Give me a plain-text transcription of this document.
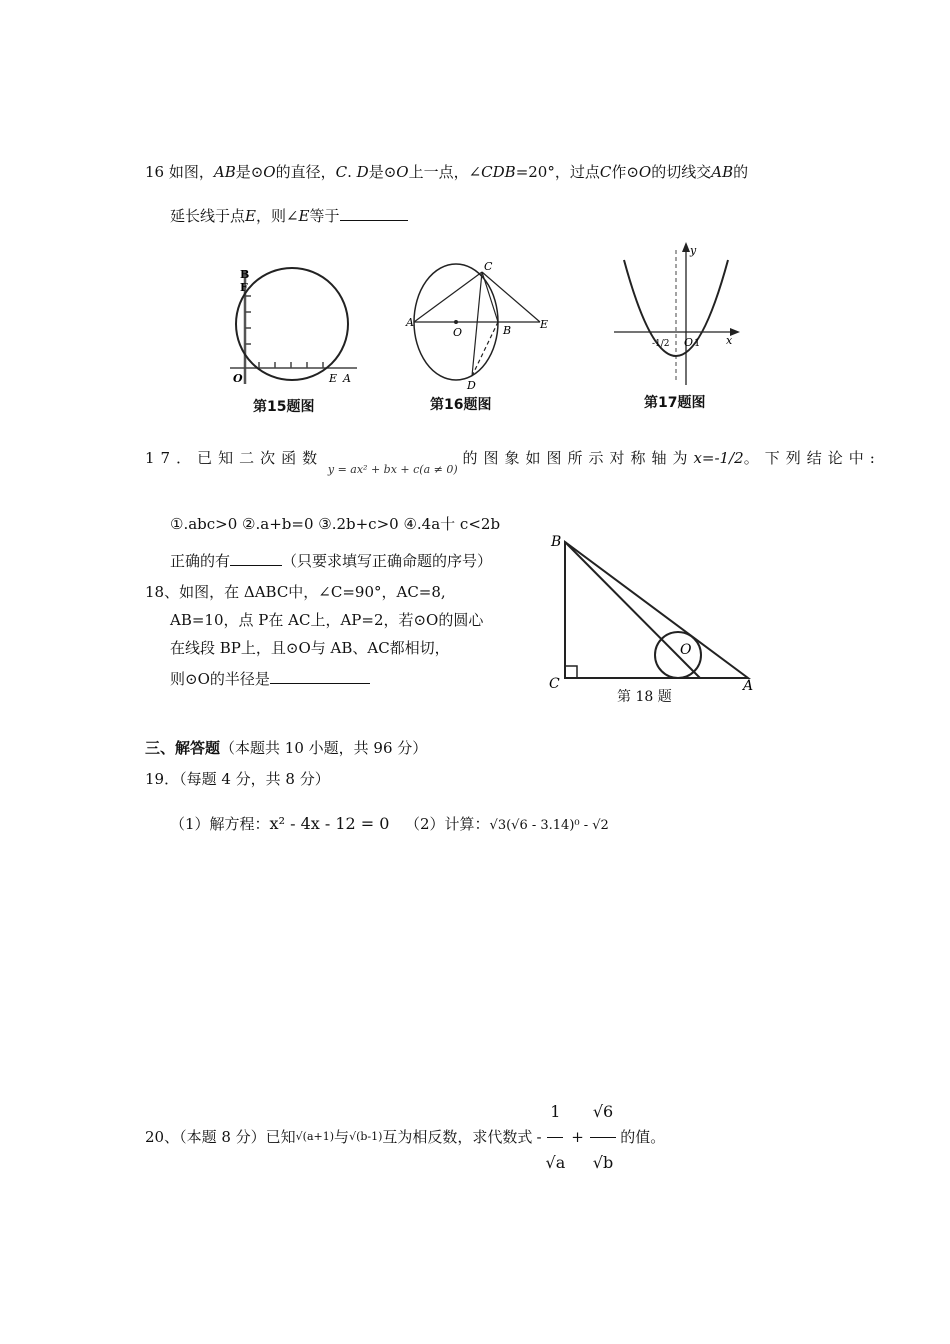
16 如图，AB是⊙O的直径，C. D是⊙O上一点，∠CDB=20°，过点C作⊙O的切线交AB的
延长线于点E，则∠E等于
B
F
O	E A
第15题图
A
C
O	B	E
D
第16题图
y
x
O 1
-1/2
第17题图
17．已知二次函数 $_{y = ax^2 + bx + c(a \ne 0)}$ 的图象如图所示对称轴为x=-1/2。下列结论中:
①.abc>0 ②.a+b=0 ③.2b+c>0 ④.4a十 c<2b
正确的有	（只要求填写正确命题的序号）
18、如图，在 ΔABC中，∠C=90°，AC=8,
AB=10，点 P在 AC上，AP=2，若⊙O的圆心
在线段 BP上，且⊙O与 AB、AC都相切，
则⊙O的半径是
B
C	A
O
第 18 题
三、解答题（本题共 10 小题，共 96 分）
19．（每题 4 分，共 8 分）
（1）解方程：x² - 4x - 12 = 0 （2）计算：√3(√6 - 3.14)⁰ - √2
20、（本题 8 分）已知 √(a+1) 与 √(b-1) 互为相反数，求代数式 - $\frac{1}{√a} + \frac{√6}{√b}$ 的值。
